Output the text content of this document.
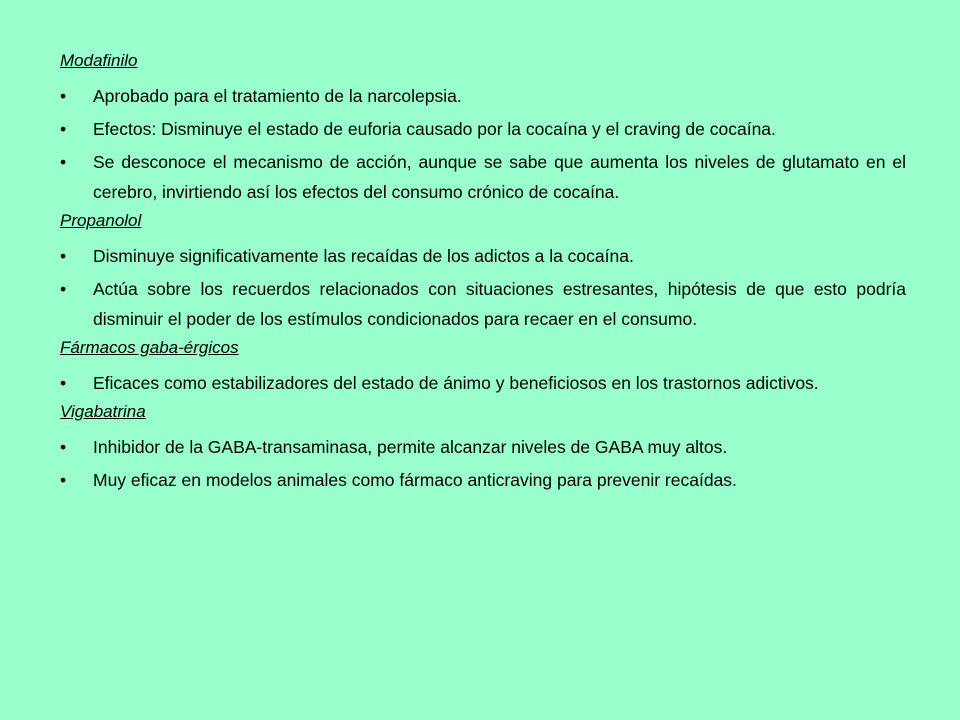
Modafinilo
• Aprobado para el tratamiento de la narcolepsia.
• Efectos: Disminuye el estado de euforia causado por la cocaína y el craving de cocaína.
• Se desconoce el mecanismo de acción, aunque se sabe que aumenta los niveles de glutamato en el cerebro, invirtiendo así los efectos del consumo crónico de cocaína.
Propanolol
• Disminuye significativamente las recaídas de los adictos a la cocaína.
• Actúa sobre los recuerdos relacionados con situaciones estresantes, hipótesis de que esto podría disminuir el poder de los estímulos condicionados para recaer en el consumo.
Fármacos gaba-érgicos
• Eficaces como estabilizadores del estado de ánimo y beneficiosos en los trastornos adictivos.
Vigabatrina
• Inhibidor de la GABA-transaminasa, permite alcanzar niveles de GABA muy altos.
• Muy eficaz en modelos animales como fármaco anticraving para prevenir recaídas.
